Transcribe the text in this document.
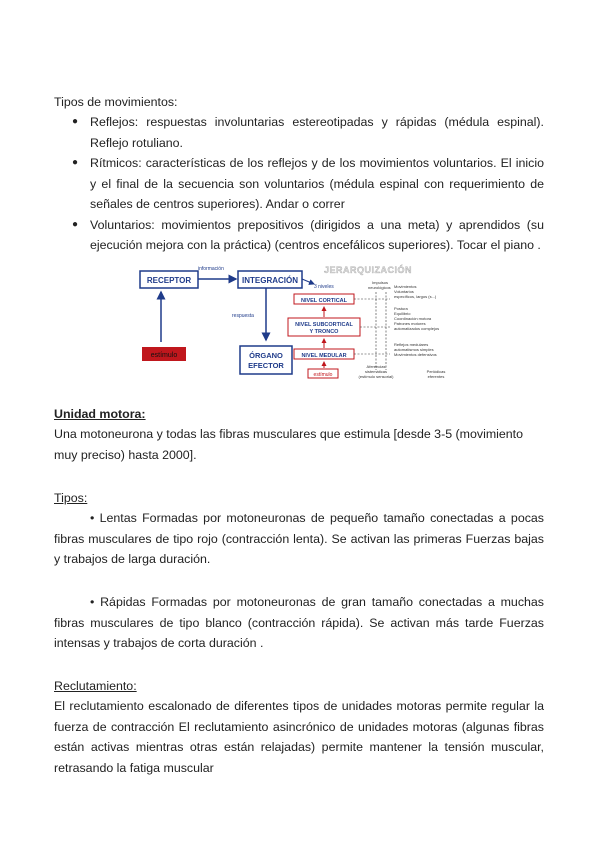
Tipos de movimientos:

● Reflejos: respuestas involuntarias estereotipadas y rápidas (médula espinal). Reflejo rotuliano.
● Rítmicos: características de los reflejos y de los movimientos voluntarios. El inicio y el final de la secuencia son voluntarios (médula espinal con requerimiento de señales de centros superiores). Andar o correr
● Voluntarios: movimientos prepositivos (dirigidos a una meta) y aprendidos (su ejecución mejora con la práctica) (centros encefálicos superiores). Tocar el piano .
RECEPTOR
información
INTEGRACIÓN
3 niveles
estímulo
respuesta
ÓRGANO
EFECTOR
JERARQUIZACIÓN
Impulsos
neurológicos
NIVEL CORTICAL
NIVEL SUBCORTICAL
Y TRONCO
NIVEL MEDULAR
estímulo
Movimientos
Voluntarios
específicos, largos (s...)
Postura
Equilibrio
Coordinación motora
Patrones motores
automatizados complejos
Reflejos medulares
automatismos simples
Movimientos defensivos
Aferencias
sistemáticas
(estímulo sensorial)
Periódicas
eferentes

Unidad motora:

Una motoneurona y todas las fibras musculares que estimula [desde 3-5 (movimiento muy preciso) hasta 2000].

Tipos:

• Lentas Formadas por motoneuronas de pequeño tamaño conectadas a pocas fibras musculares de tipo rojo (contracción lenta). Se activan las primeras Fuerzas bajas y trabajos de larga duración.

• Rápidas Formadas por motoneuronas de gran tamaño conectadas a muchas fibras musculares de tipo blanco (contracción rápida). Se activan más tarde Fuerzas intensas y trabajos de corta duración .

Reclutamiento:

El reclutamiento escalonado de diferentes tipos de unidades motoras permite regular la fuerza de contracción El reclutamiento asincrónico de unidades motoras (algunas fibras están activas mientras otras están relajadas) permite mantener la tensión muscular, retrasando la fatiga muscular
